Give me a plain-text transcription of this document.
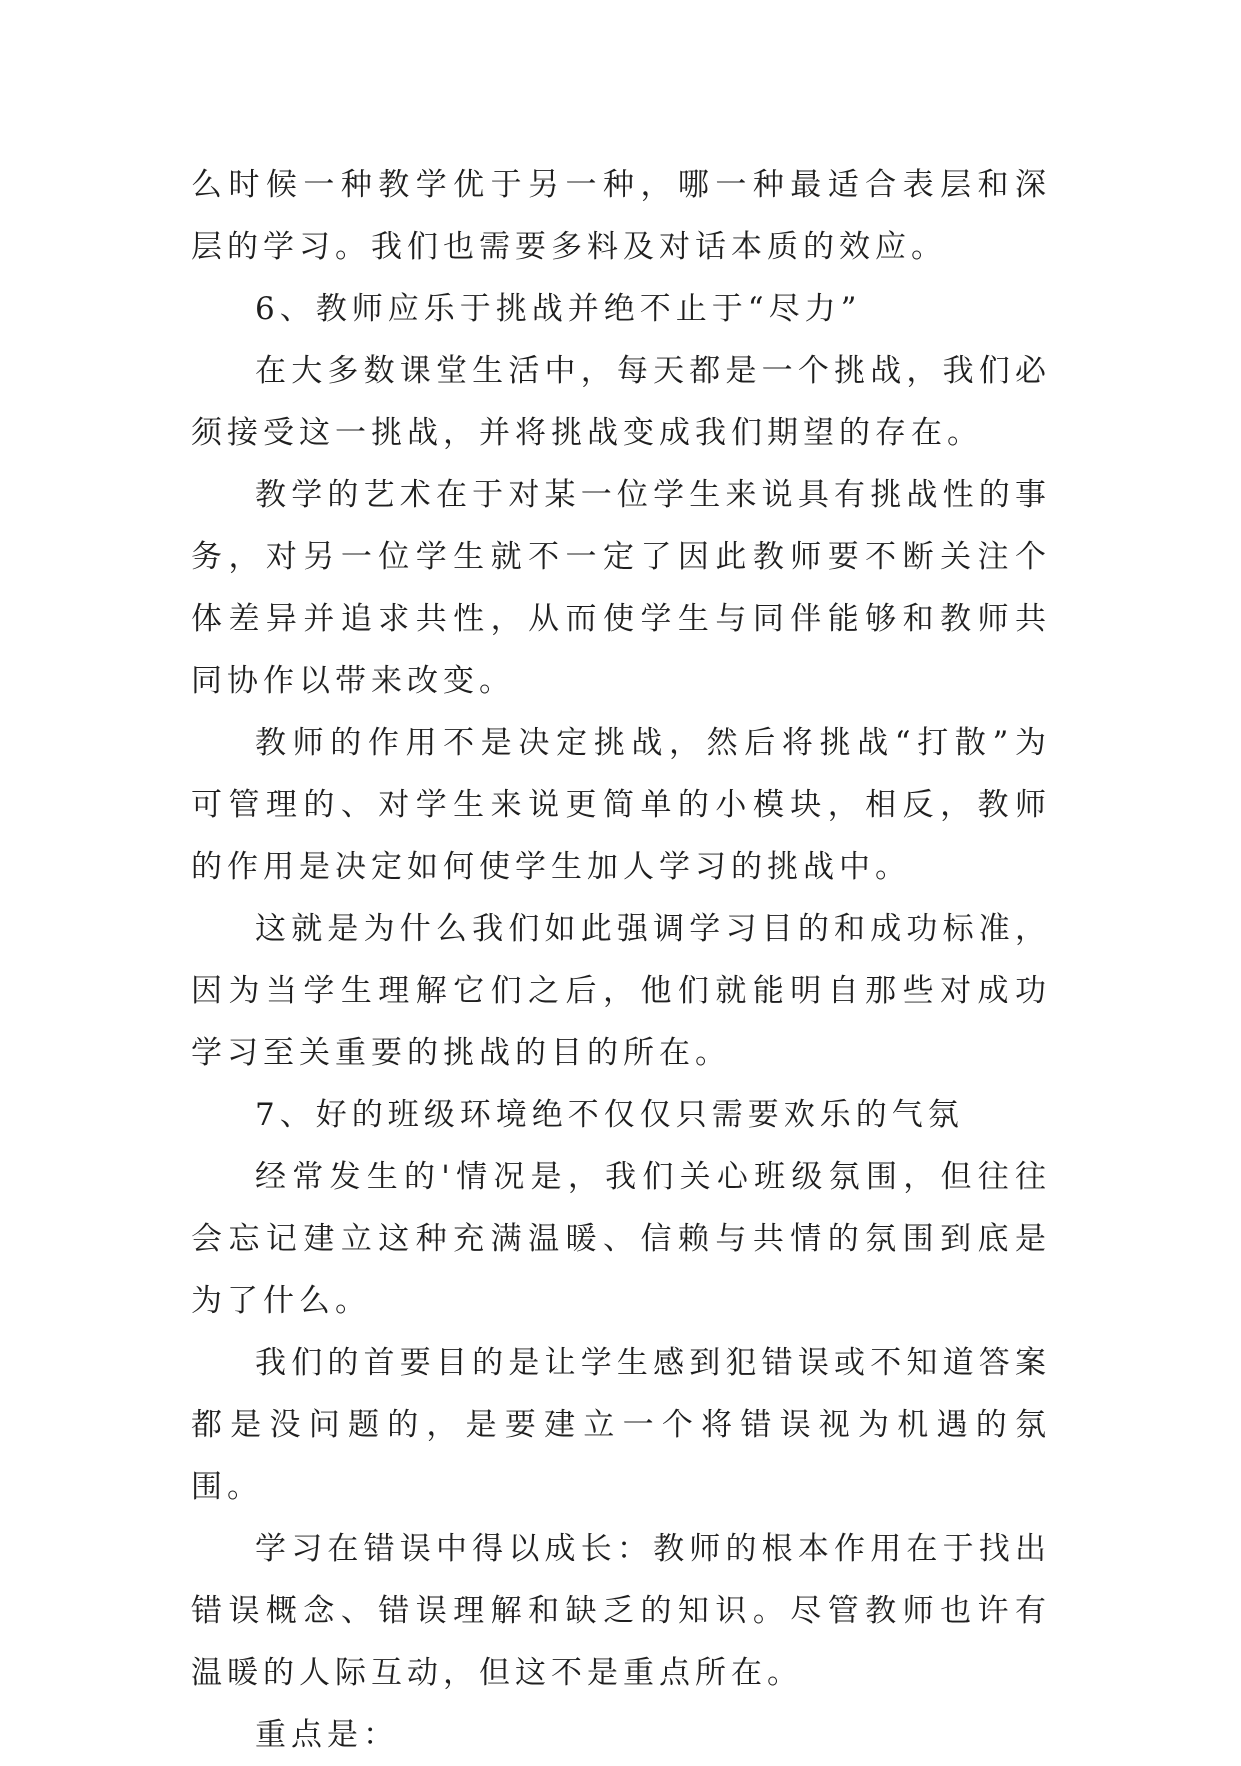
么时候一种教学优于另一种，哪一种最适合表层和深层的学习。我们也需要多料及对话本质的效应。

6、教师应乐于挑战并绝不止于“尽力”

在大多数课堂生活中，每天都是一个挑战，我们必须接受这一挑战，并将挑战变成我们期望的存在。

教学的艺术在于对某一位学生来说具有挑战性的事务，对另一位学生就不一定了因此教师要不断关注个体差异并追求共性，从而使学生与同伴能够和教师共同协作以带来改变。

教师的作用不是决定挑战，然后将挑战“打散”为可管理的、对学生来说更简单的小模块，相反，教师的作用是决定如何使学生加人学习的挑战中。

这就是为什么我们如此强调学习目的和成功标准，因为当学生理解它们之后，他们就能明自那些对成功学习至关重要的挑战的目的所在。

7、好的班级环境绝不仅仅只需要欢乐的气氛

经常发生的'情况是，我们关心班级氛围，但往往会忘记建立这种充满温暖、信赖与共情的氛围到底是为了什么。

我们的首要目的是让学生感到犯错误或不知道答案都是没问题的，是要建立一个将错误视为机遇的氛围。

学习在错误中得以成长：教师的根本作用在于找出错误概念、错误理解和缺乏的知识。尽管教师也许有温暖的人际互动，但这不是重点所在。

重点是：
